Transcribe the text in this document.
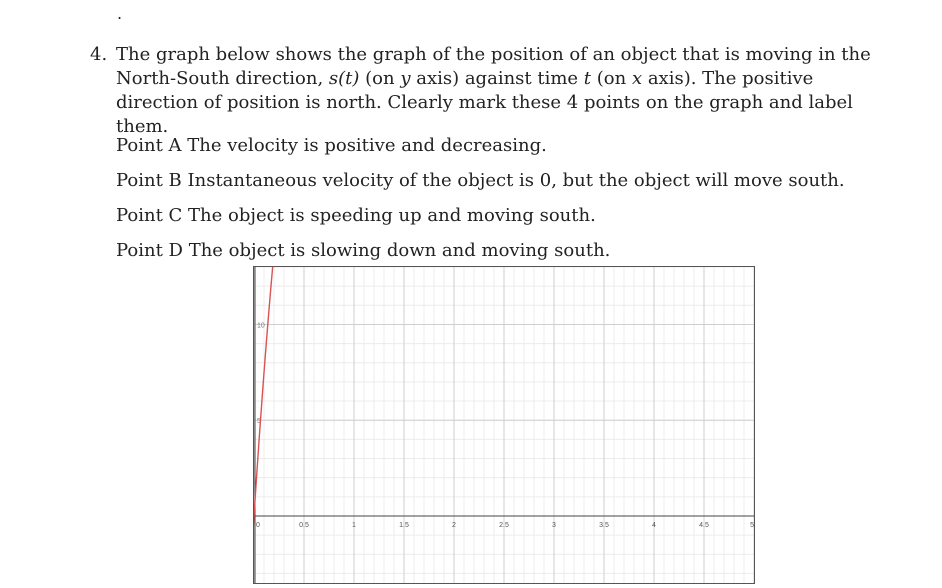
.
4. The graph below shows the graph of the position of an object that is moving in the North-South direction, s(t) (on y axis) against time t (on x axis). The positive direction of position is north. Clearly mark these 4 points on the graph and label them.
Point A The velocity is positive and decreasing.
Point B Instantaneous velocity of the object is 0, but the object will move south.
Point C The object is speeding up and moving south.
Point D The object is slowing down and moving south.
0	0.5	1	1.5	2	2.5	3	3.5	4	4.5	5
5
10
